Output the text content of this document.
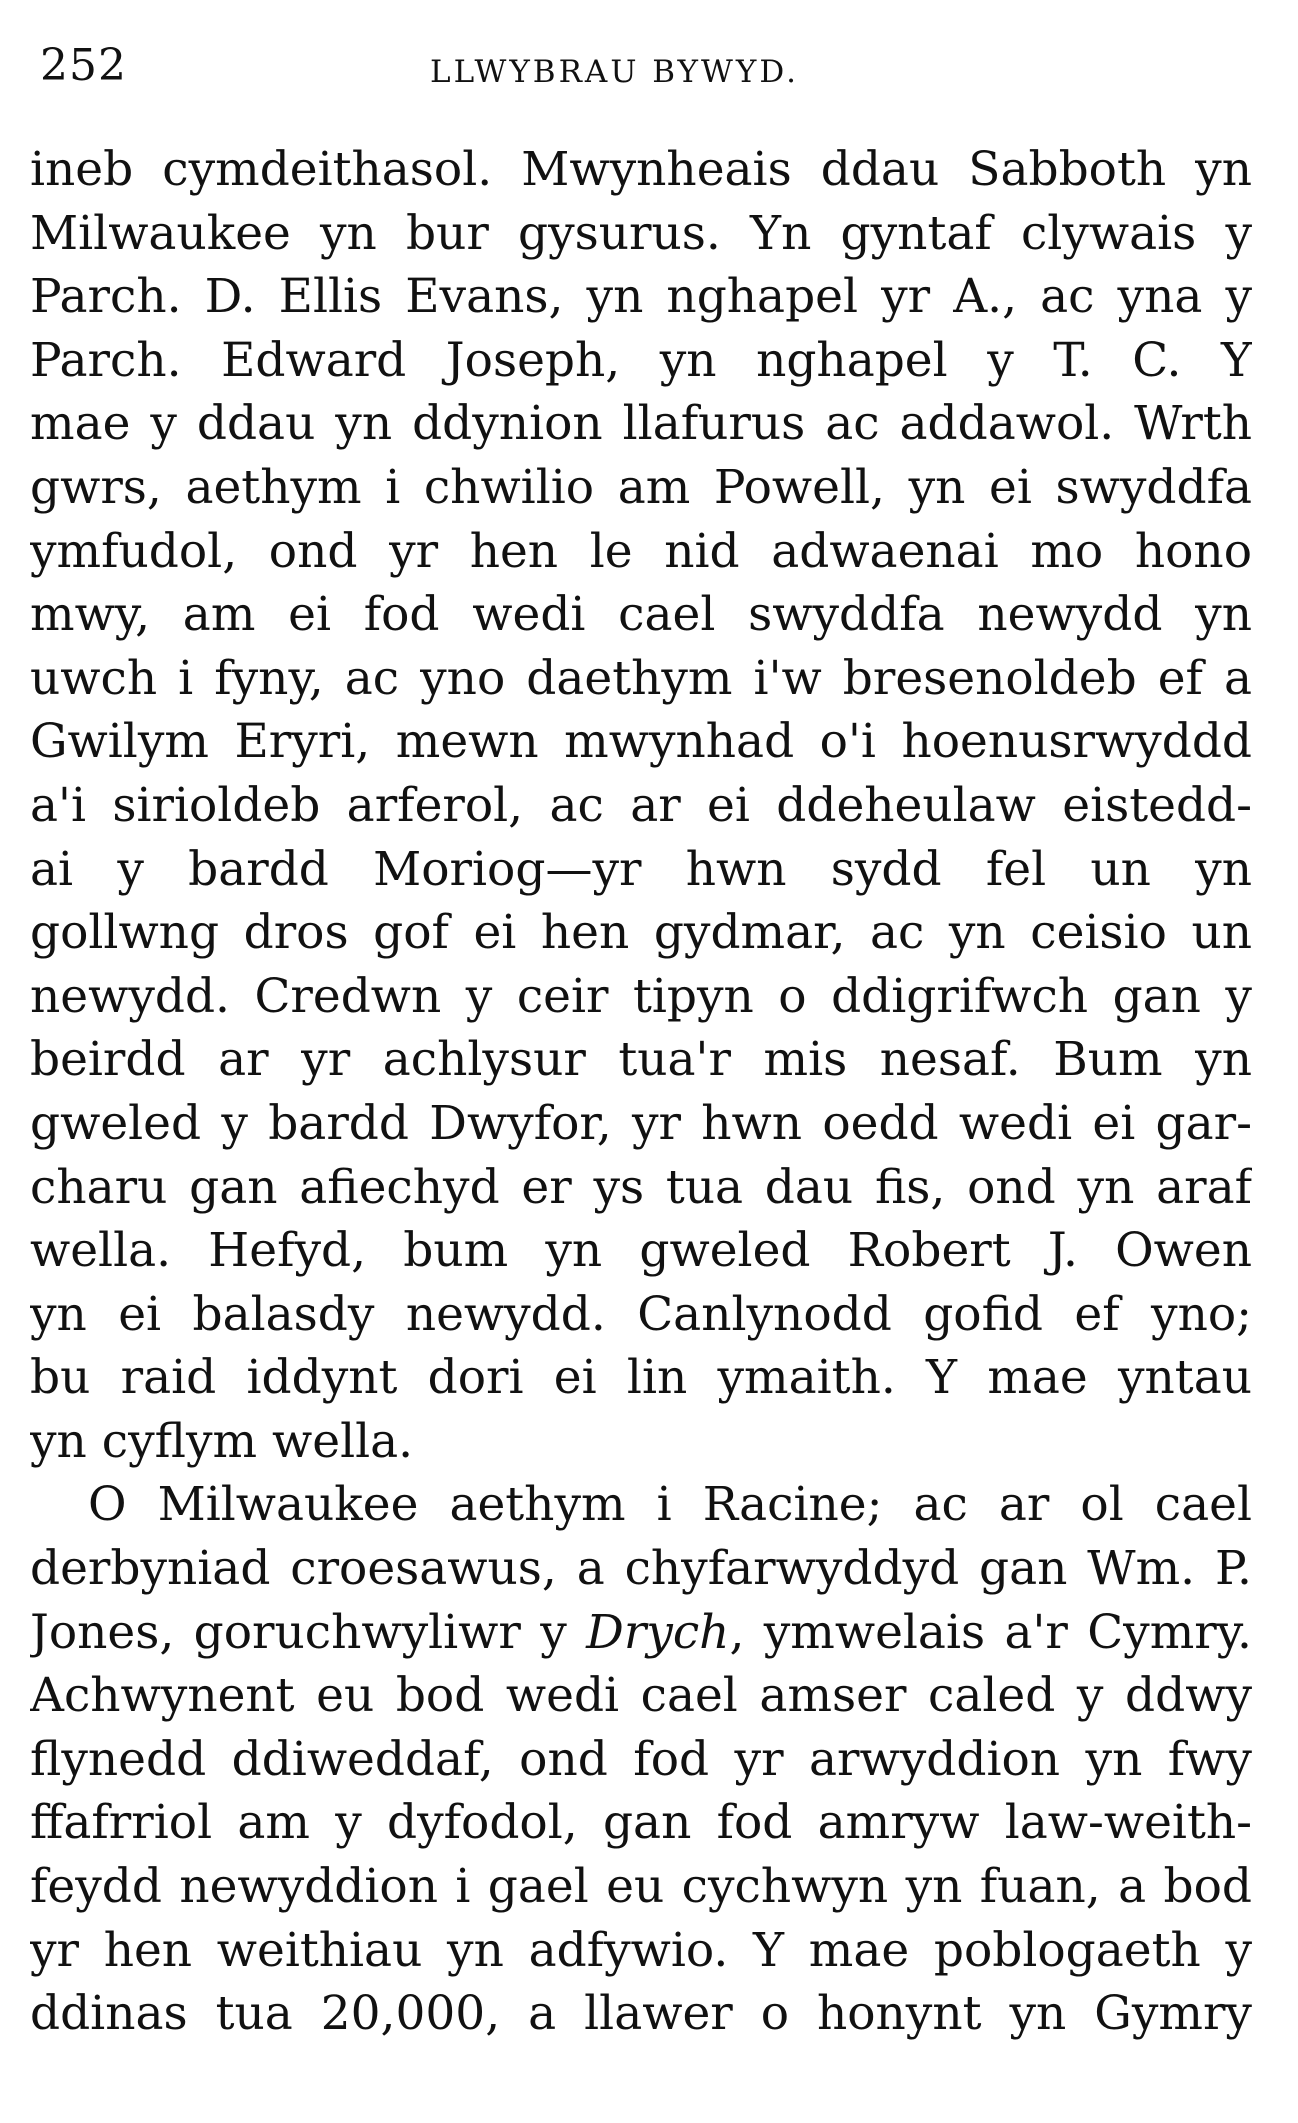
252	LLWYBRAU BYWYD.
ineb cymdeithasol. Mwynheais ddau Sabboth yn
Milwaukee yn bur gysurus. Yn gyntaf clywais y
Parch. D. Ellis Evans, yn nghapel yr A., ac yna y
Parch. Edward Joseph, yn nghapel y T. C. Y
mae y ddau yn ddynion llafurus ac addawol. Wrth
gwrs, aethym i chwilio am Powell, yn ei swyddfa
ymfudol, ond yr hen le nid adwaenai mo hono
mwy, am ei fod wedi cael swyddfa newydd yn
uwch i fyny, ac yno daethym i'w bresenoldeb ef a
Gwilym Eryri, mewn mwynhad o'i hoenusrwyddd
a'i sirioldeb arferol, ac ar ei ddeheulaw eistedd-
ai y bardd Moriog—yr hwn sydd fel un yn
gollwng dros gof ei hen gydmar, ac yn ceisio un
newydd. Credwn y ceir tipyn o ddigrifwch gan y
beirdd ar yr achlysur tua'r mis nesaf. Bum yn
gweled y bardd Dwyfor, yr hwn oedd wedi ei gar-
charu gan afiechyd er ys tua dau fis, ond yn araf
wella. Hefyd, bum yn gweled Robert J. Owen
yn ei balasdy newydd. Canlynodd gofid ef yno;
bu raid iddynt dori ei lin ymaith. Y mae yntau
yn cyflym wella.
O Milwaukee aethym i Racine; ac ar ol cael
derbyniad croesawus, a chyfarwyddyd gan Wm. P.
Jones, goruchwyliwr y Drych, ymwelais a'r Cymry.
Achwynent eu bod wedi cael amser caled y ddwy
flynedd ddiweddaf, ond fod yr arwyddion yn fwy
ffafrriol am y dyfodol, gan fod amryw law-weith-
feydd newyddion i gael eu cychwyn yn fuan, a bod
yr hen weithiau yn adfywio. Y mae poblogaeth y
ddinas tua 20,000, a llawer o honynt yn Gymry
